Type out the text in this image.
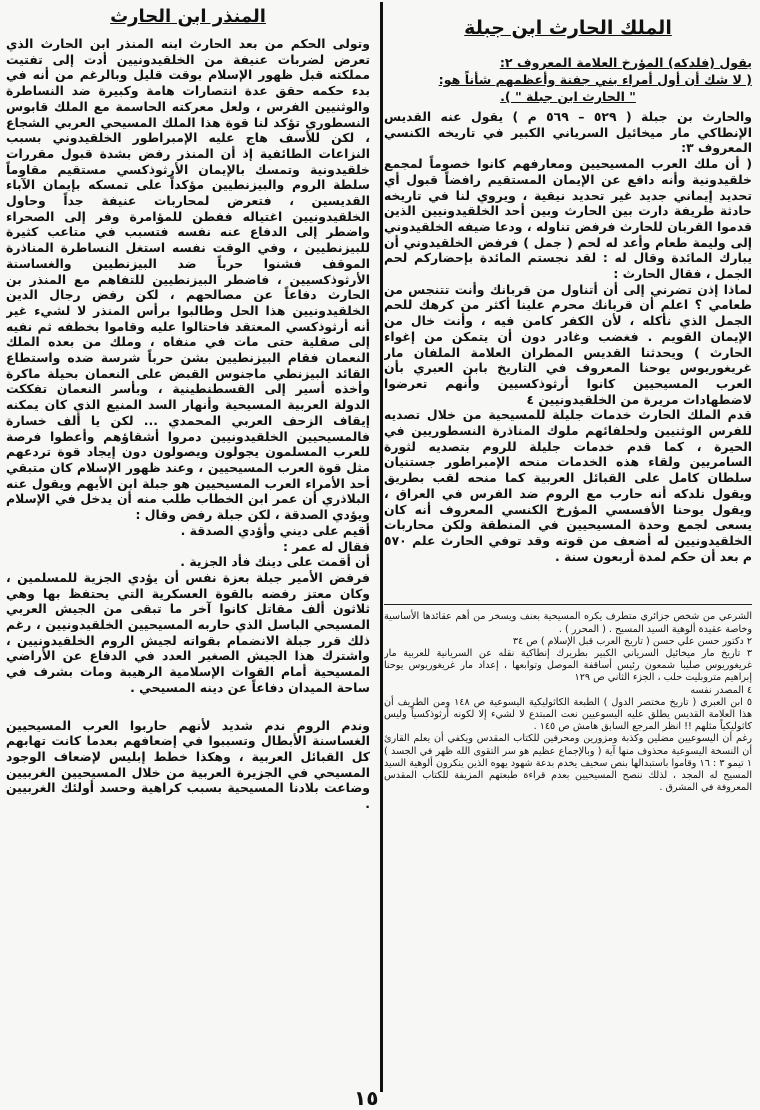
الملك الحارث ابن جبلة
يقول (فلدكه) المؤرخ العلامة المعروف ٢:
( لا شك أن أول أمراء بني جفنة وأعظمهم شأناً هو:
" الحارث ابن جبلة " ).

والحارث بن جبلة ( ٥٢٩ – ٥٦٩ م ) يقول عنه القديس الإنطاكي مار ميخائيل السرياني الكبير في تاريخه الكنسي المعروف ٣:

( أن ملك العرب المسيحيين ومعارفهم كانوا خصوماً لمجمع خلقيدونية وأنه دافع عن الإيمان المستقيم رافضاً قبول أي تحديد إيماني جديد غير تحديد نيقية ، ويروي لنا في تاريخه حادثة طريفة دارت بين الحارث وبين أحد الخلقيدونيين الذين قدموا القربان للحارث فرفض تناوله ، ودعا ضيفه الخلقيدوني إلى وليمة طعام وأعد له لحم ( جمل ) فرفض الخلقيدوني أن يبارك المائدة وقال له : لقد نجستم المائدة بإحضاركم لحم الجمل ، فقال الحارث :

لماذا إذن تضرني إلى أن أتناول من قربانك وأنت تتنجس من طعامي ؟ اعلم أن قربانك محرم علينا أكثر من كرهك للحم الجمل الذي نأكله ، لأن الكفر كامن فيه ، وأنت خال من الإيمان القويم . فغضب وغادر دون أن يتمكن من إغواء الحارث ) ويحدثنا القديس المطران العلامة الملفان مار غريغوريوس يوحنا المعروف في التاريخ بابن العبري بأن العرب المسيحيين كانوا أرثوذكسيين وأنهم تعرضوا لاضطهادات مريرة من الخلقيدونيين ٤

قدم الملك الحارث خدمات جليلة للمسيحية من خلال تصديه للفرس الوثنيين ولحلفائهم ملوك المناذرة النسطوريين في الحيرة ، كما قدم خدمات جليلة للروم بتصديه لثورة السامريين ولقاء هذه الخدمات منحه الإمبراطور جستنيان سلطان كامل على القبائل العربية كما منحه لقب بطريق ويقول نلدكه أنه حارب مع الروم ضد الفرس في العراق ، ويقول يوحنا الأفسسي المؤرخ الكنسي المعروف أنه كان يسعى لجمع وحدة المسيحيين في المنطقة ولكن محاربات الخلقيدونيين له أضعف من قوته وقد توفي الحارث علم ٥٧٠ م بعد أن حكم لمدة أربعون سنة .

الشرعي من شخص جزائري متطرف يكره المسيحية بعنف ويسخر من أهم عقائدها الأساسية وخاصة عقيدة ألوهية السيد المسيح . ( المحرر ) .

٢ دكتور حسن علي حسن ( تاريخ العرب قبل الإسلام ) ص ٣٤

٣ تاريخ مار ميخائيل السرياني الكبير بطريرك إنطاكية نقله عن السريانية للعربية مار غريغوريوس صليبا شمعون رئيس أساقفة الموصل وتوابعها ، إعداد مار غريغوريوس يوحنا إبراهيم متروبليت حلب ، الجزء الثاني ص ١٢٩

٤ المصدر نفسه

٥ ابن العبري ( تاريخ مختصر الدول ) الطبعة الكاثوليكية اليسوعية ص ١٤٨ ومن الطريف أن هذا العلامة القديس يطلق عليه اليسوعيين نعت المبتدع لا لشيء إلا لكونه أرثوذكسياً وليس كاثوليكياً مثلهم !! انظر المرجع السابق هامش ص ١٤٥ .

رغم أن اليسوعيين مضلين وكذبة ومزورين ومحرفين للكتاب المقدس ويكفي أن يعلم القارئ أن النسخة اليسوعية محذوف منها آية ( وبالإجماع عظيم هو سر التقوى الله ظهر في الجسد ) ١ تيمو ٣ : ١٦ وقاموا باستبدالها بنص سخيف يخدم بدعة شهود يهوه الذين ينكرون ألوهية السيد المسيح له المجد ، لذلك ننصح المسيحيين بعدم قراءة طبعتهم المزيفة للكتاب المقدس المعروفة في المشرق .

المنذر ابن الحارث

وتولى الحكم من بعد الحارث ابنه المنذر ابن الحارث الذي تعرض لضربات عنيفة من الخلقيدونيين أدت إلى تفتيت مملكته قبل ظهور الإسلام بوقت قليل وبالرغم من أنه في بدء حكمه حقق عدة انتصارات هامة وكبيرة ضد النساطرة والوثنيين الفرس ، ولعل معركته الحاسمة مع الملك قابوس النسطوري تؤكد لنا قوة هذا الملك المسيحي العربي الشجاع ، لكن للأسف هاج عليه الإمبراطور الخلقيدوني بسبب النزاعات الطائفية إذ أن المنذر رفض بشدة قبول مقررات خلقيدونية وتمسك بالإيمان الأرثوذكسي مستقيم مقاوماً سلطة الروم والبيزنطيين مؤكداً على تمسكه بإيمان الآباء القديسين ، فتعرض لمحاربات عنيفة جداً وحاول الخلقيدونيين اغتياله ففطن للمؤامرة وفر إلى الصحراء واضطر إلى الدفاع عنه نفسه فتسبب في متاعب كثيرة للبيزنطيين ، وفي الوقت نفسه استغل النساطرة المناذرة الموقف فشنوا حرباً ضد البيزنطيين والغساسنة الأرثوذكسيين ، فاضطر البيزنطيين للتفاهم مع المنذر بن الحارث دفاعاً عن مصالحهم ، لكن رفض رجال الدين الخلقيدونيين هذا الحل وطالبوا برأس المنذر لا لشيء غير أنه أرثوذكسي المعتقد فاحتالوا عليه وقاموا بخطفه ثم نفيه إلى صقلية حتى مات في منفاه ، وملك من بعده الملك النعمان فقام البيزنطيين بشن حرباً شرسة ضده واستطاع القائد البيزنطي ماجنوس القبض على النعمان بحيلة ماكرة وأخذه أسير إلى القسطنطينية ، وبأسر النعمان تفككت الدولة العربية المسيحية وأنهار السد المنيع الذي كان يمكنه إيقاف الزحف العربي المحمدي ... لكن يا ألف خسارة فالمسيحيين الخلقيدونيين دمروا أشقاؤهم وأعطوا فرصة للعرب المسلمون يجولون ويصولون دون إيجاد قوة تردعهم مثل قوة العرب المسيحيين ، وعند ظهور الإسلام كان متبقي أحد الأمراء العرب المسيحيين هو جبلة ابن الأيهم ويقول عنه البلاذري أن عمر ابن الخطاب طلب منه أن يدخل في الإسلام ويؤدي الصدقة ، لكن جبلة رفض وقال :

أقيم على ديني وأؤدي الصدقة .

فقال له عمر :

أن أقمت على دينك فأد الجزية .

فرفض الأمير جبلة بعزة نفس أن يؤدي الجزية للمسلمين ، وكان معتز رفضه بالقوة العسكرية التي يحتفظ بها وهي ثلاثون ألف مقاتل كانوا آخر ما تبقى من الجيش العربي المسيحي الباسل الذي حاربه المسيحيين الخلقيدونيين ، رغم ذلك قرر جبلة الانضمام بقواته لجيش الروم الخلقيدونيين ، واشترك هذا الجيش الصغير العدد في الدفاع عن الأراضي المسيحية أمام القوات الإسلامية الرهيبة ومات بشرف في ساحة الميدان دفاعاً عن دينه المسيحي .

وندم الروم ندم شديد لأنهم حاربوا العرب المسيحيين الغساسنة الأبطال وتسببوا في إضعافهم بعدما كانت تهابهم كل القبائل العربية ، وهكذا خطط إبليس لإضعاف الوجود المسيحي في الجزيرة العربية من خلال المسيحيين الغربيين وضاعت بلادنا المسيحية بسبب كراهية وحسد أولئك الغربيين .

١٥
